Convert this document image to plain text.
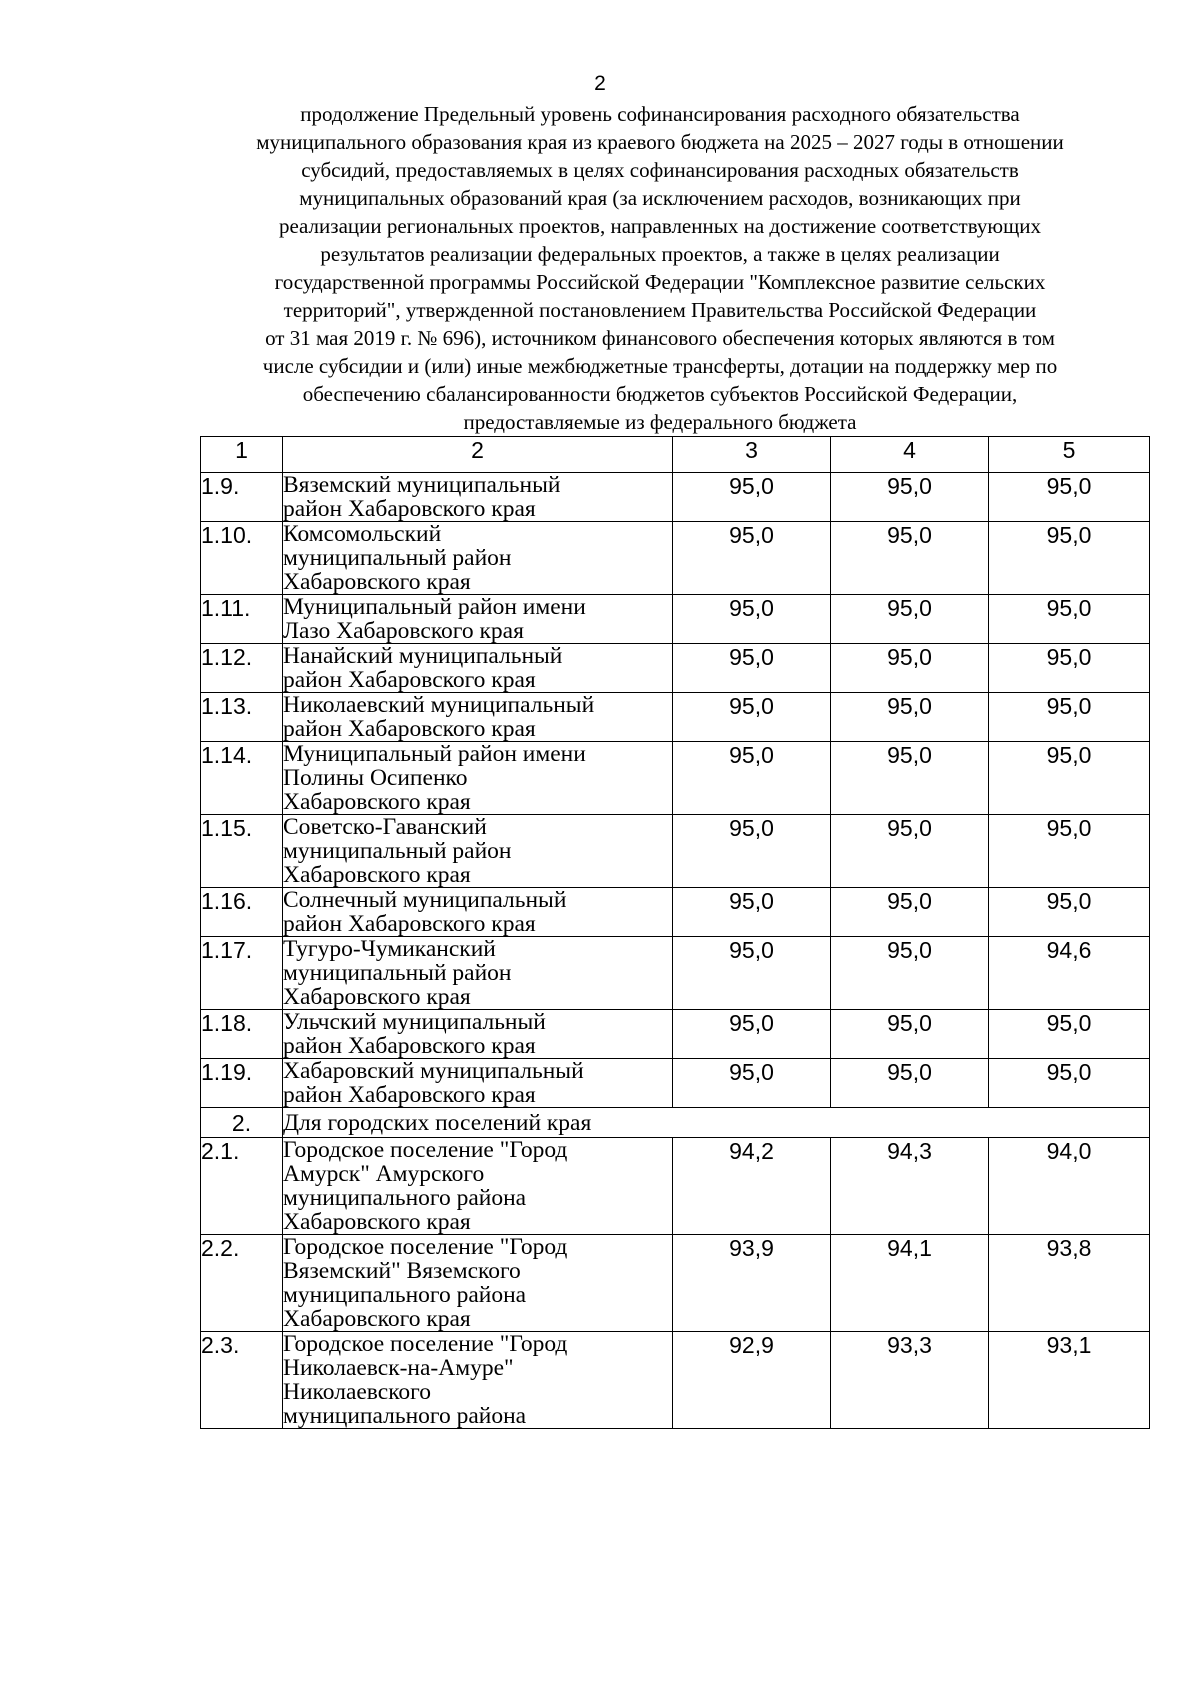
2
продолжение Предельный уровень софинансирования расходного обязательства
муниципального образования края из краевого бюджета на 2025 – 2027 годы в отношении
субсидий, предоставляемых в целях софинансирования расходных обязательств
муниципальных образований края (за исключением расходов, возникающих при
реализации региональных проектов, направленных на достижение соответствующих
результатов реализации федеральных проектов, а также в целях реализации
государственной программы Российской Федерации "Комплексное развитие сельских
территорий", утвержденной постановлением Правительства Российской Федерации
от 31 мая 2019 г. № 696), источником финансового обеспечения которых являются в том
числе субсидии и (или) иные межбюджетные трансферты, дотации на поддержку мер по
обеспечению сбалансированности бюджетов субъектов Российской Федерации,
предоставляемые из федерального бюджета
1	2	3	4	5
1.9.	Вяземский муниципальный
район Хабаровского края	95,0	95,0	95,0
1.10.	Комсомольский
муниципальный район
Хабаровского края	95,0	95,0	95,0
1.11.	Муниципальный район имени
Лазо Хабаровского края	95,0	95,0	95,0
1.12.	Нанайский муниципальный
район Хабаровского края	95,0	95,0	95,0
1.13.	Николаевский муниципальный
район Хабаровского края	95,0	95,0	95,0
1.14.	Муниципальный район имени
Полины Осипенко
Хабаровского края	95,0	95,0	95,0
1.15.	Советско-Гаванский
муниципальный район
Хабаровского края	95,0	95,0	95,0
1.16.	Солнечный муниципальный
район Хабаровского края	95,0	95,0	95,0
1.17.	Тугуро-Чумиканский
муниципальный район
Хабаровского края	95,0	95,0	94,6
1.18.	Ульчский муниципальный
район Хабаровского края	95,0	95,0	95,0
1.19.	Хабаровский муниципальный
район Хабаровского края	95,0	95,0	95,0
2.	Для городских поселений края			
2.1.	Городское поселение "Город
Амурск" Амурского
муниципального района
Хабаровского края	94,2	94,3	94,0
2.2.	Городское поселение "Город
Вяземский" Вяземского
муниципального района
Хабаровского края	93,9	94,1	93,8
2.3.	Городское поселение "Город
Николаевск-на-Амуре"
Николаевского
муниципального района	92,9	93,3	93,1
